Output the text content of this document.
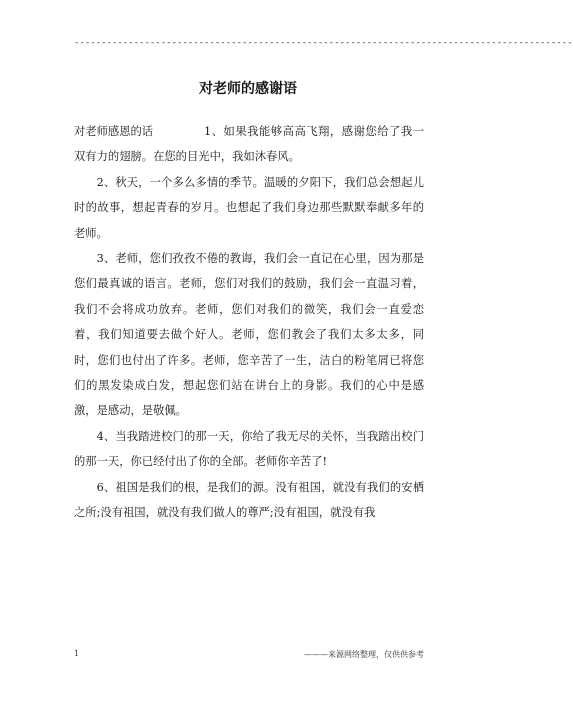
--------------------------------------------------------------------------------------------
对老师的感谢语

对老师感恩的话	1、如果我能够高高飞翔，感谢您给了我一双有力的翅膀。在您的目光中，我如沐春风。

2、秋天，一个多么多情的季节。温暖的夕阳下，我们总会想起儿时的故事，想起青春的岁月。也想起了我们身边那些默默奉献多年的老师。

3、老师，您们孜孜不倦的教诲，我们会一直记在心里，因为那是您们最真诚的语言。老师，您们对我们的鼓励，我们会一直温习着，我们不会将成功放弃。老师，您们对我们的微笑，我们会一直爱恋着，我们知道要去做个好人。老师，您们教会了我们太多太多，同时，您们也付出了许多。老师，您辛苦了一生，洁白的粉笔屑已将您们的黑发染成白发，想起您们站在讲台上的身影。我们的心中是感激，是感动，是敬佩。

4、当我踏进校门的那一天，你给了我无尽的关怀，当我踏出校门的那一天，你已经付出了你的全部。老师你辛苦了!

6、祖国是我们的根，是我们的源。没有祖国，就没有我们的安栖之所;没有祖国，就没有我们做人的尊严;没有祖国，就没有我

1	———来源网络整理，仅供供参考
